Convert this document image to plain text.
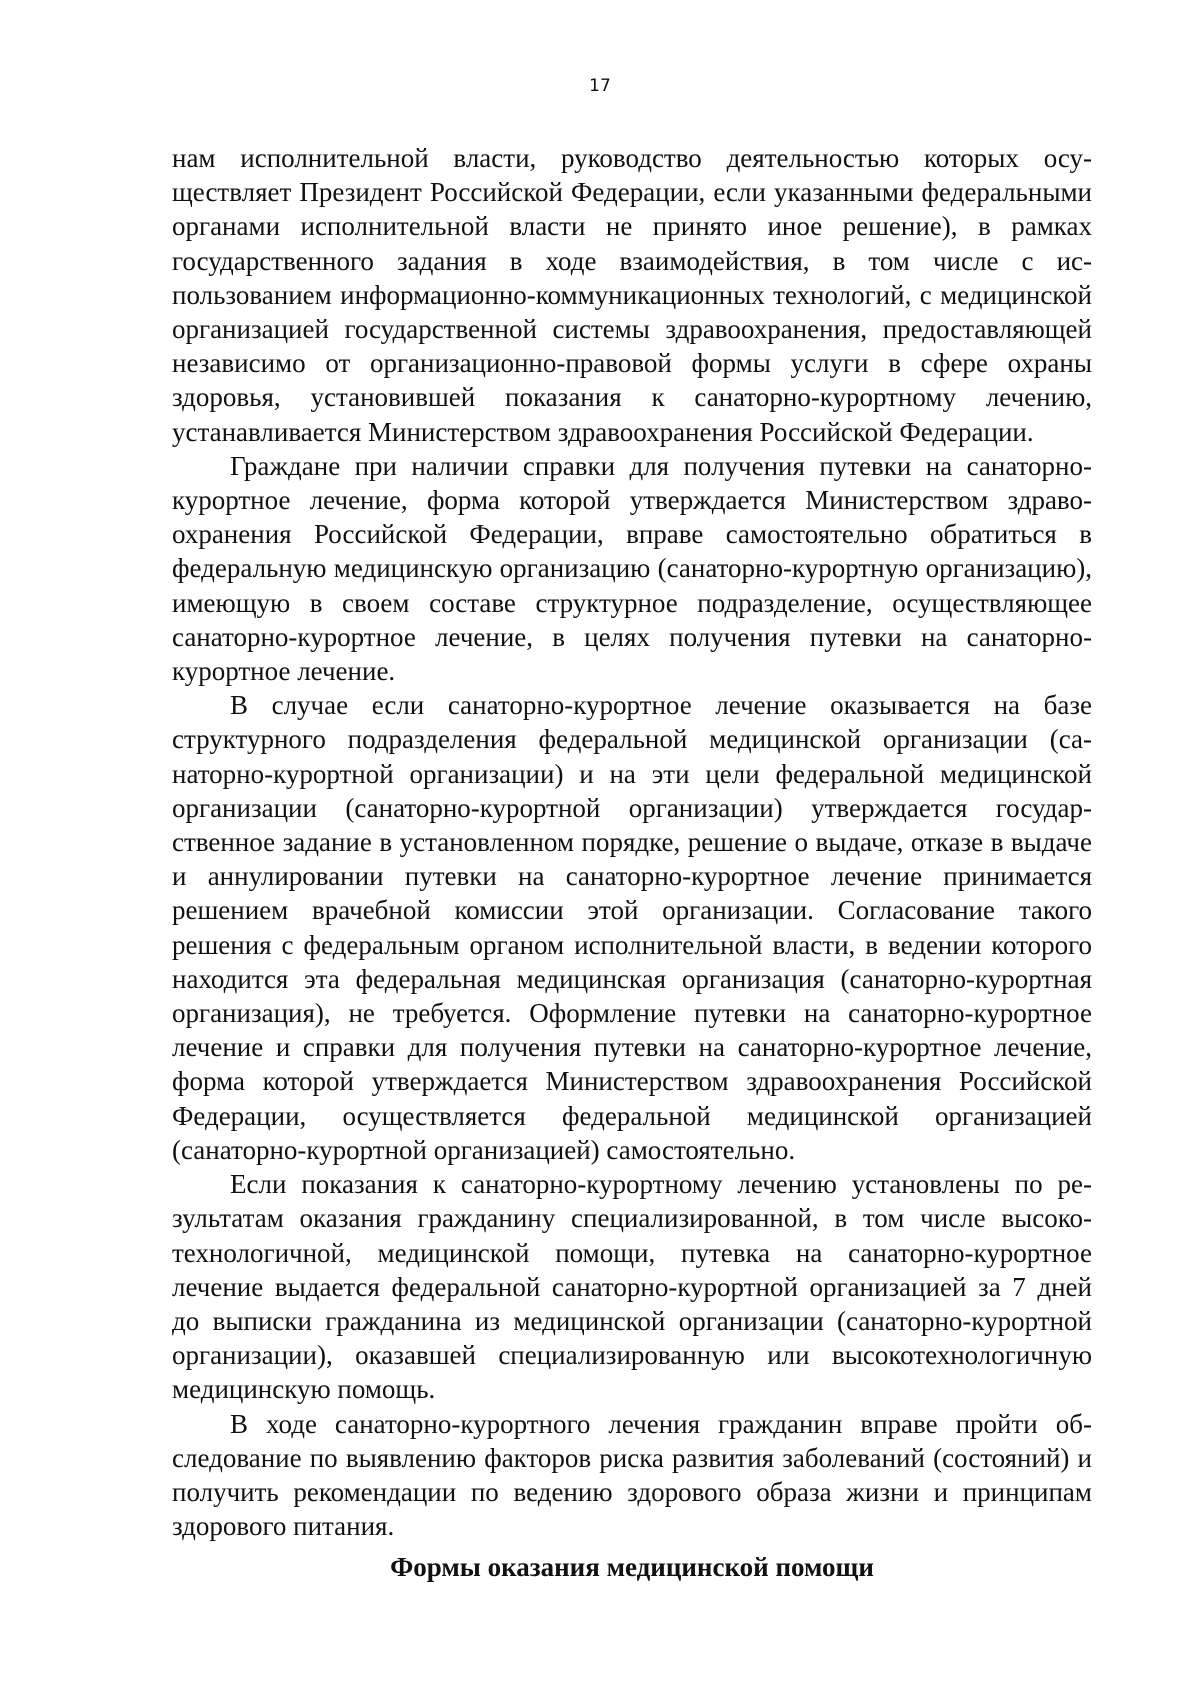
17

нам исполнительной власти, руководство деятельностью которых осуществляет Президент Российской Федерации, если указанными федеральными органами исполнительной власти не принято иное решение), в рамках государственного задания в ходе взаимодействия, в том числе с использованием информационно-коммуникационных технологий, с медицинской организацией государственной системы здравоохранения, предоставляющей независимо от организационно-правовой формы услуги в сфере охраны здоровья, установившей показания к санаторно-курортному лечению, устанавливается Министерством здравоохранения Российской Федерации.

Граждане при наличии справки для получения путевки на санаторно-курортное лечение, форма которой утверждается Министерством здравоохранения Российской Федерации, вправе самостоятельно обратиться в федеральную медицинскую организацию (санаторно-курортную организацию), имеющую в своем составе структурное подразделение, осуществляющее санаторно-курортное лечение, в целях получения путевки на санаторно-курортное лечение.

В случае если санаторно-курортное лечение оказывается на базе структурного подразделения федеральной медицинской организации (санаторно-курортной организации) и на эти цели федеральной медицинской организации (санаторно-курортной организации) утверждается государственное задание в установленном порядке, решение о выдаче, отказе в выдаче и аннулировании путевки на санаторно-курортное лечение принимается решением врачебной комиссии этой организации. Согласование такого решения с федеральным органом исполнительной власти, в ведении которого находится эта федеральная медицинская организация (санаторно-курортная организация), не требуется. Оформление путевки на санаторно-курортное лечение и справки для получения путевки на санаторно-курортное лечение, форма которой утверждается Министерством здравоохранения Российской Федерации, осуществляется федеральной медицинской организацией (санаторно-курортной организацией) самостоятельно.

Если показания к санаторно-курортному лечению установлены по результатам оказания гражданину специализированной, в том числе высокотехнологичной, медицинской помощи, путевка на санаторно-курортное лечение выдается федеральной санаторно-курортной организацией за 7 дней до выписки гражданина из медицинской организации (санаторно-курортной организации), оказавшей специализированную или высокотехнологичную медицинскую помощь.

В ходе санаторно-курортного лечения гражданин вправе пройти обследование по выявлению факторов риска развития заболеваний (состояний) и получить рекомендации по ведению здорового образа жизни и принципам здорового питания.

Формы оказания медицинской помощи
